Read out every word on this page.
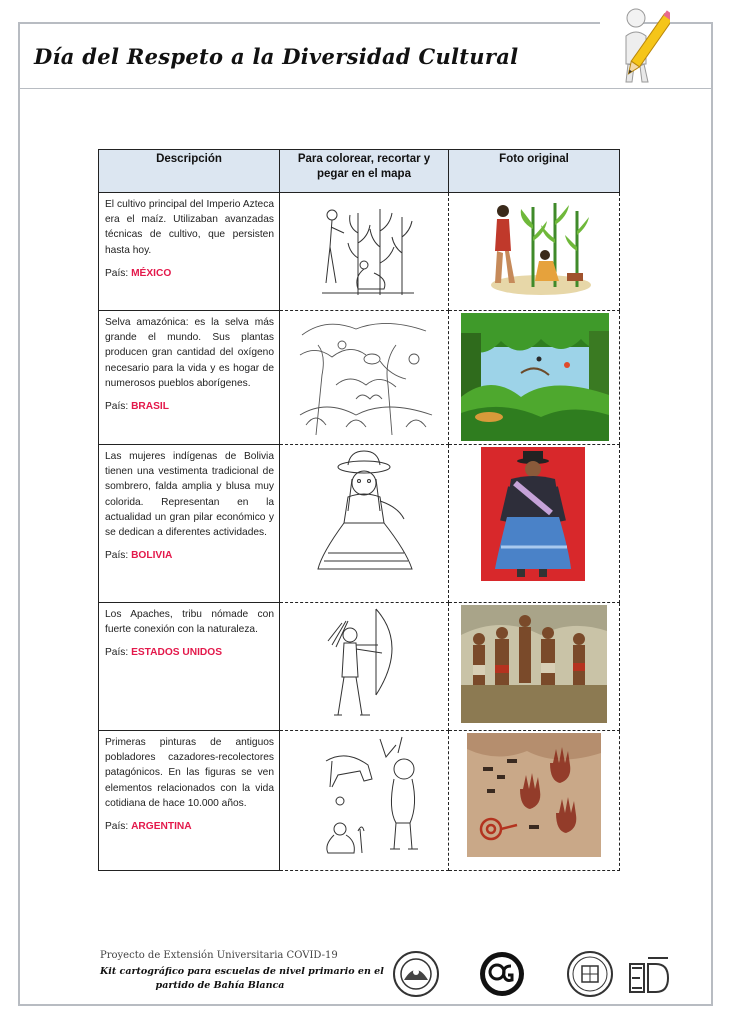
Día del Respeto a la Diversidad Cultural
Descripción	Para colorear, recortar y pegar en el mapa	Foto original

El cultivo principal del Imperio Azteca era el maíz. Utilizaban avanzadas técnicas de cultivo, que persisten hasta hoy.
País: MÉXICO

Selva amazónica: es la selva más grande el mundo. Sus plantas producen gran cantidad del oxígeno necesario para la vida y es hogar de numerosos pueblos aborígenes.
País: BRASIL

Las mujeres indígenas de Bolivia tienen una vestimenta tradicional de sombrero, falda amplia y blusa muy colorida. Representan en la actualidad un gran pilar económico y se dedican a diferentes actividades.
País: BOLIVIA

Los Apaches, tribu nómade con fuerte conexión con la naturaleza.
País: ESTADOS UNIDOS

Primeras pinturas de antiguos pobladores cazadores-recolectores patagónicos. En las figuras se ven elementos relacionados con la vida cotidiana de hace 10.000 años.
País: ARGENTINA

Proyecto de Extensión Universitaria COVID-19
Kit cartográfico para escuelas de nivel primario en el
partido de Bahía Blanca
